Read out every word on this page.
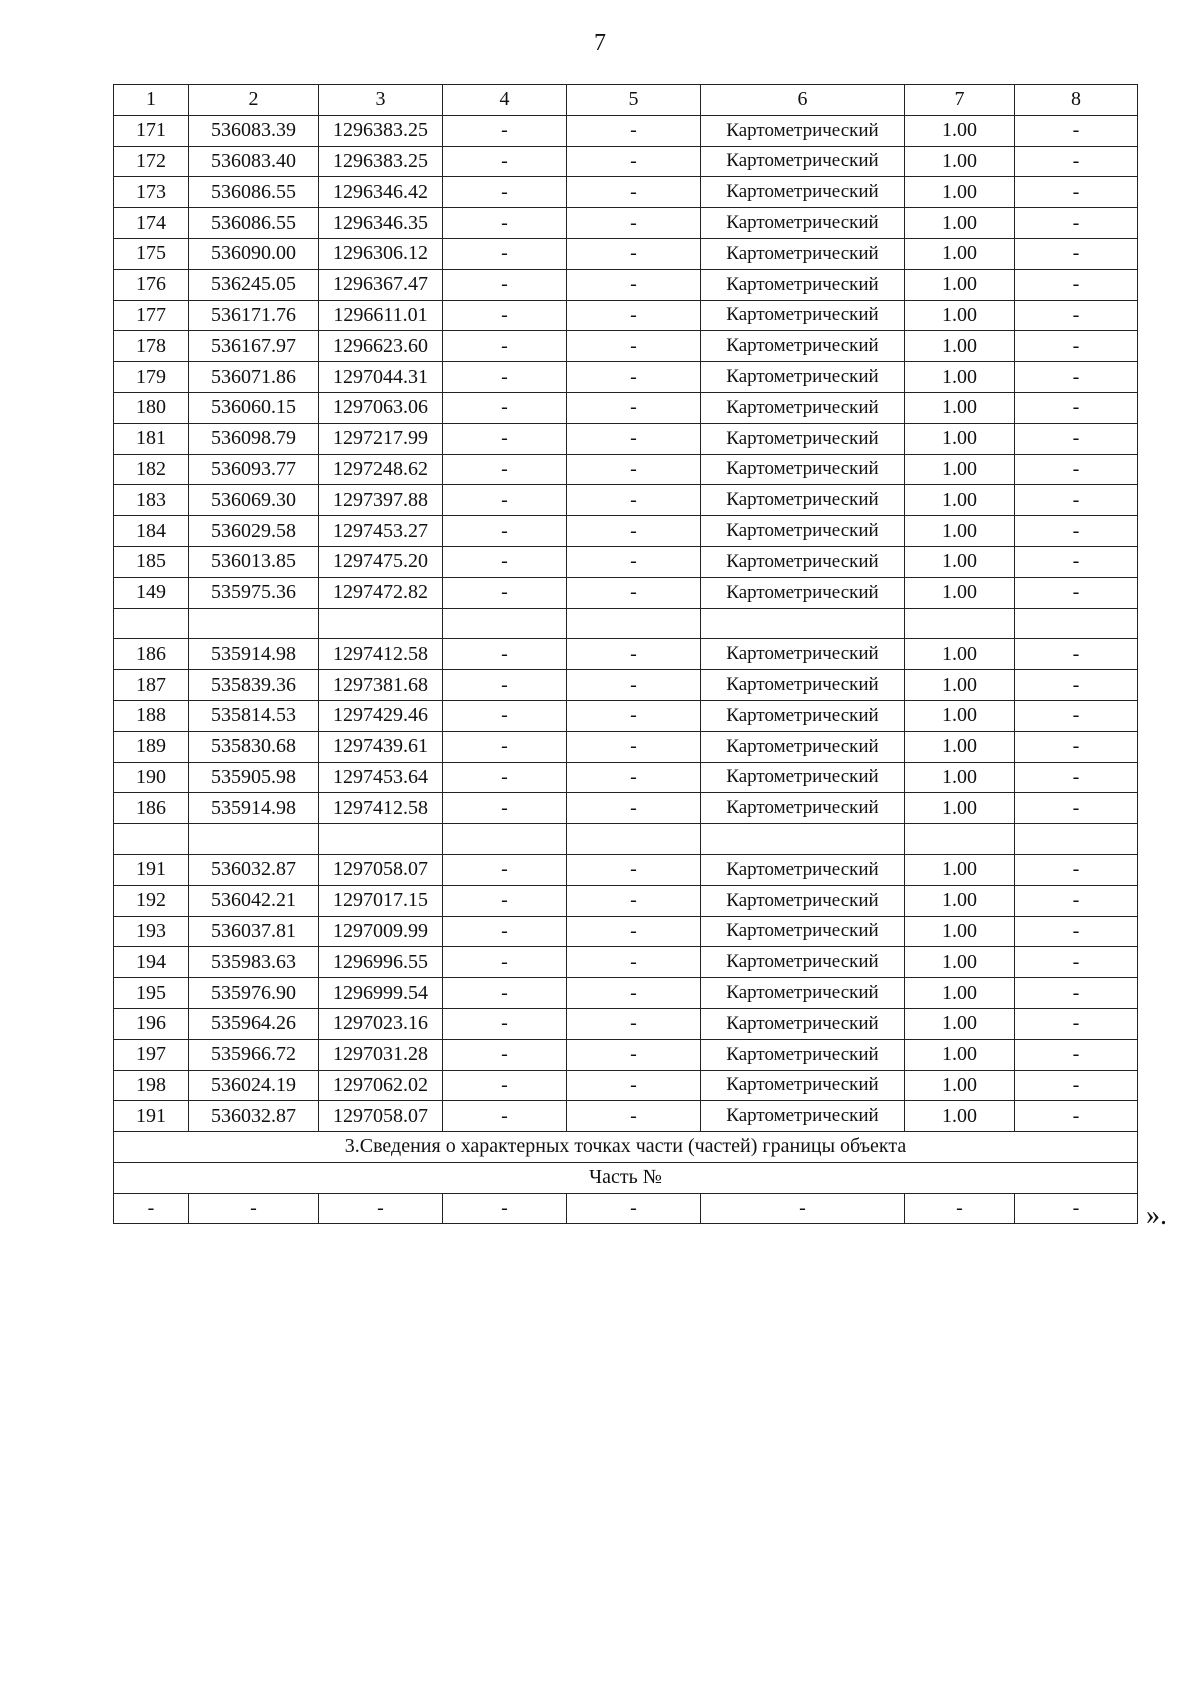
7
1	2	3	4	5	6	7	8
171	536083.39	1296383.25	-	-	Картометрический	1.00	-
172	536083.40	1296383.25	-	-	Картометрический	1.00	-
173	536086.55	1296346.42	-	-	Картометрический	1.00	-
174	536086.55	1296346.35	-	-	Картометрический	1.00	-
175	536090.00	1296306.12	-	-	Картометрический	1.00	-
176	536245.05	1296367.47	-	-	Картометрический	1.00	-
177	536171.76	1296611.01	-	-	Картометрический	1.00	-
178	536167.97	1296623.60	-	-	Картометрический	1.00	-
179	536071.86	1297044.31	-	-	Картометрический	1.00	-
180	536060.15	1297063.06	-	-	Картометрический	1.00	-
181	536098.79	1297217.99	-	-	Картометрический	1.00	-
182	536093.77	1297248.62	-	-	Картометрический	1.00	-
183	536069.30	1297397.88	-	-	Картометрический	1.00	-
184	536029.58	1297453.27	-	-	Картометрический	1.00	-
185	536013.85	1297475.20	-	-	Картометрический	1.00	-
149	535975.36	1297472.82	-	-	Картометрический	1.00	-

186	535914.98	1297412.58	-	-	Картометрический	1.00	-
187	535839.36	1297381.68	-	-	Картометрический	1.00	-
188	535814.53	1297429.46	-	-	Картометрический	1.00	-
189	535830.68	1297439.61	-	-	Картометрический	1.00	-
190	535905.98	1297453.64	-	-	Картометрический	1.00	-
186	535914.98	1297412.58	-	-	Картометрический	1.00	-

191	536032.87	1297058.07	-	-	Картометрический	1.00	-
192	536042.21	1297017.15	-	-	Картометрический	1.00	-
193	536037.81	1297009.99	-	-	Картометрический	1.00	-
194	535983.63	1296996.55	-	-	Картометрический	1.00	-
195	535976.90	1296999.54	-	-	Картометрический	1.00	-
196	535964.26	1297023.16	-	-	Картометрический	1.00	-
197	535966.72	1297031.28	-	-	Картометрический	1.00	-
198	536024.19	1297062.02	-	-	Картометрический	1.00	-
191	536032.87	1297058.07	-	-	Картометрический	1.00	-
3.Сведения о характерных точках части (частей) границы объекта							
Часть №							
-	-	-	-	-	-	-	- ».
